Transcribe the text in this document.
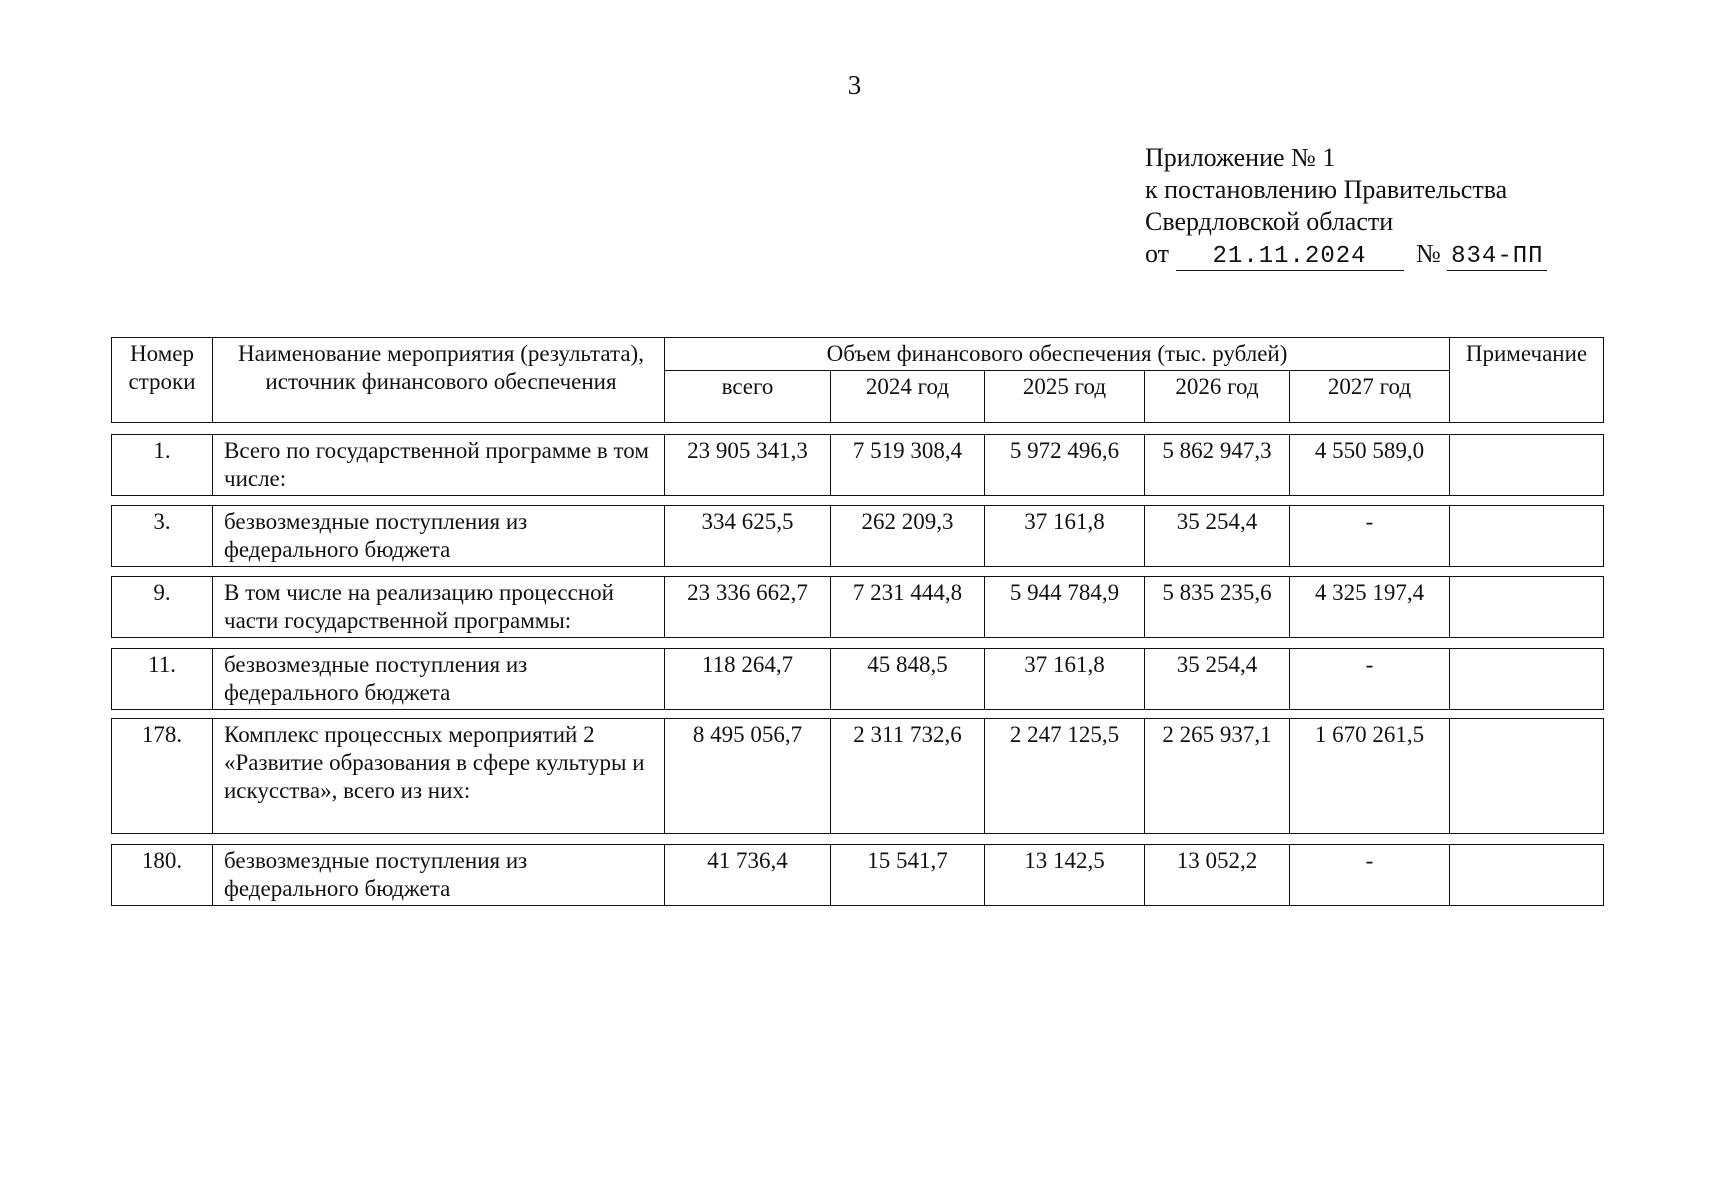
3
Приложение № 1
к постановлению Правительства
Свердловской области
от 21.11.2024 № 834-ПП
Номер строки	Наименование мероприятия (результата), источник финансового обеспечения	Объем финансового обеспечения (тыс. рублей)					Примечание
		всего	2024 год	2025 год	2026 год	2027 год	
1.	Всего по государственной программе в том числе:	23 905 341,3	7 519 308,4	5 972 496,6	5 862 947,3	4 550 589,0	
3.	безвозмездные поступления из федерального бюджета	334 625,5	262 209,3	37 161,8	35 254,4	-	
9.	В том числе на реализацию процессной части государственной программы:	23 336 662,7	7 231 444,8	5 944 784,9	5 835 235,6	4 325 197,4	
11.	безвозмездные поступления из федерального бюджета	118 264,7	45 848,5	37 161,8	35 254,4	-	
178.	Комплекс процессных мероприятий 2 «Развитие образования в сфере культуры и искусства», всего из них:	8 495 056,7	2 311 732,6	2 247 125,5	2 265 937,1	1 670 261,5	
180.	безвозмездные поступления из федерального бюджета	41 736,4	15 541,7	13 142,5	13 052,2	-	
